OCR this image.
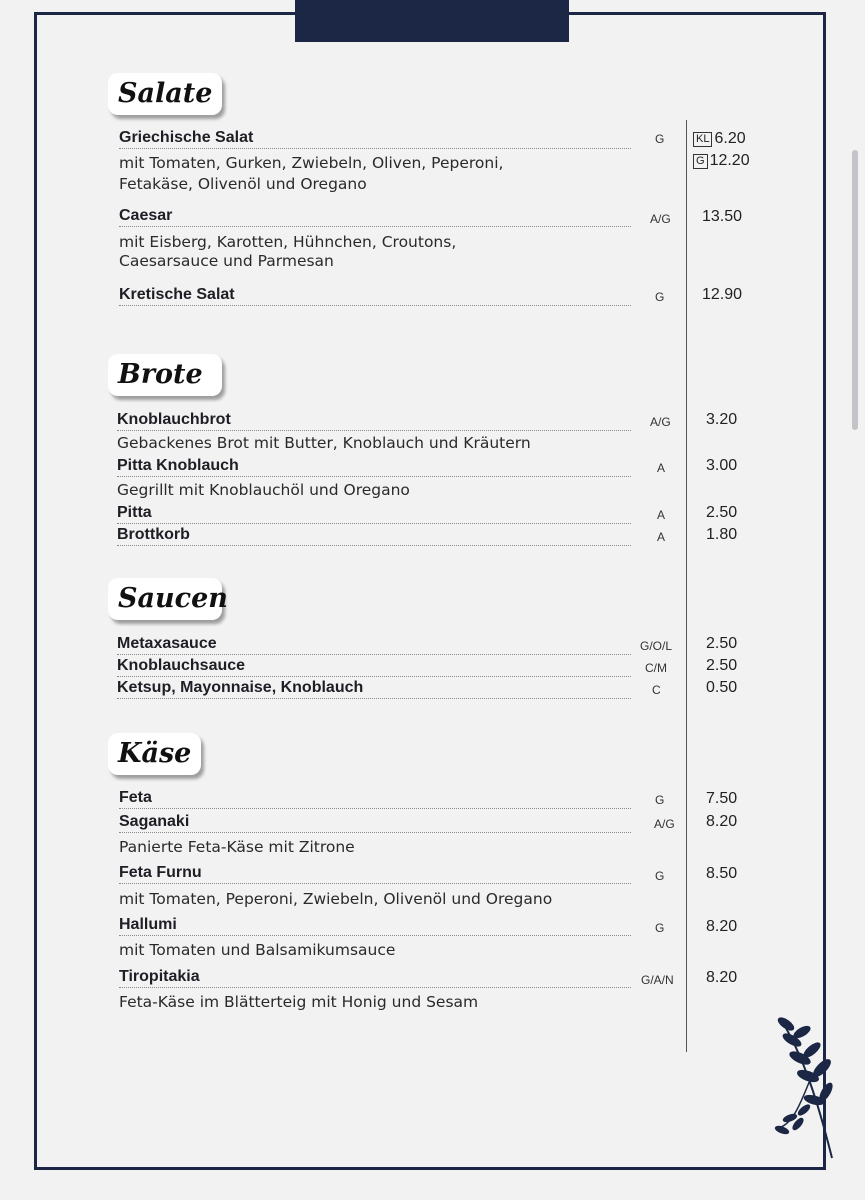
Salate
Griechische Salat	G	KL 6.20
G 12.20
mit Tomaten, Gurken, Zwiebeln, Oliven, Peperoni,
Fetakäse, Olivenöl und Oregano
Caesar	A/G 13.50
mit Eisberg, Karotten, Hühnchen, Croutons,
Caesarsauce und Parmesan
Kretische Salat	G 12.90
Brote
Knoblauchbrot	A/G 3.20
Gebackenes Brot mit Butter, Knoblauch und Kräutern
Pitta Knoblauch	A	3.00
Gegrillt mit Knoblauchöl und Oregano
Pitta	A	2.50
Brottkorb	A	1.80
Saucen
Metaxasauce	G/O/L 2.50
Knoblauchsauce	C/M 2.50
Ketsup, Mayonnaise, Knoblauch	C	0.50
Käse
Feta	G	7.50
Saganaki	A/G 8.20
Panierte Feta-Käse mit Zitrone
Feta Furnu	G	8.50
mit Tomaten, Peperoni, Zwiebeln, Olivenöl und Oregano
Hallumi	G	8.20
mit Tomaten und Balsamikumsauce
Tiropitakia	G/A/N 8.20
Feta-Käse im Blätterteig mit Honig und Sesam
